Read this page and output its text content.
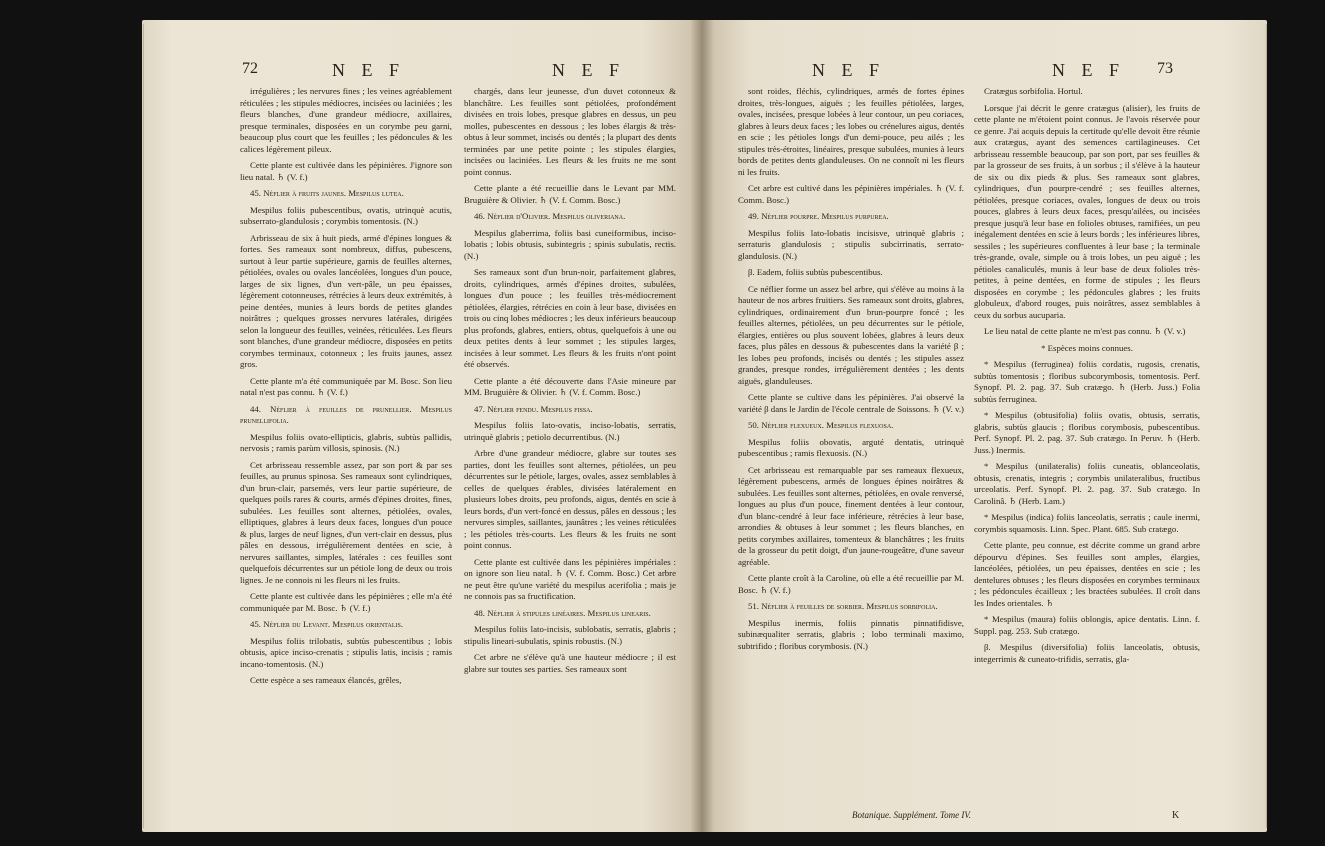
72	N E F	N E F

irrégulières ; les nervures fines ; les veines agréablement réticulées ; les stipules médiocres, incisées ou laciniées ; les fleurs blanches, d'une grandeur médiocre, axillaires, presque terminales, disposées en un corymbe peu garni, beaucoup plus court que les feuilles ; les pédoncules & les calices légèrement pileux.

Cette plante est cultivée dans les pépinières. J'ignore son lieu natal. ♄ (V. f.)

45. Néflier à fruits jaunes. Mespilus lutea.

Mespilus foliis pubescentibus, ovatis, utrinquè acutis, subserrato-glandulosis ; corymbis tomentosis. (N.)

Arbrisseau de six à huit pieds, armé d'épines longues & fortes. Ses rameaux sont nombreux, diffus, pubescens, surtout à leur partie supérieure, garnis de feuilles alternes, pétiolées, ovales ou ovales lancéolées, longues d'un pouce, larges de six lignes, d'un vert-pâle, un peu épaisses, légèrement cotonneuses, rétrécies à leurs deux extrémités, à peine dentées, munies à leurs bords de petites glandes noirâtres ; quelques grosses nervures latérales, dirigées selon la longueur des feuilles, veinées, réticulées. Les fleurs sont blanches, d'une grandeur médiocre, disposées en petits corymbes terminaux, cotonneux ; les fruits jaunes, assez gros.

Cette plante m'a été communiquée par M. Bosc. Son lieu natal n'est pas connu. ♄ (V. f.)

44. Néflier à feuilles de prunellier. Mespilus prunellifolia.

Mespilus foliis ovato-ellipticis, glabris, subtùs pallidis, nervosis ; ramis parùm villosis, spinosis. (N.)

Cet arbrisseau ressemble assez, par son port & par ses feuilles, au prunus spinosa. Ses rameaux sont cylindriques, d'un brun-clair, parsemés, vers leur partie supérieure, de quelques poils rares & courts, armés d'épines droites, fines, subulées. Les feuilles sont alternes, pétiolées, ovales, elliptiques, glabres à leurs deux faces, longues d'un pouce & plus, larges de neuf lignes, d'un vert-clair en dessus, plus pâles en dessous, irrégulièrement dentées en scie, à nervures saillantes, simples, latérales : ces feuilles sont quelquefois décurrentes sur un pétiole long de deux ou trois lignes. Je ne connois ni les fleurs ni les fruits.

Cette plante est cultivée dans les pépinières ; elle m'a été communiquée par M. Bosc. ♄ (V. f.)

45. Néflier du Levant. Mespilus orientalis.

Mespilus foliis trilobatis, subtùs pubescentibus ; lobis obtusis, apice inciso-crenatis ; stipulis latis, incisis ; ramis incano-tomentosis. (N.)

Cette espèce a ses rameaux élancés, grêles,

chargés, dans leur jeunesse, d'un duvet cotonneux & blanchâtre. Les feuilles sont pétiolées, profondément divisées en trois lobes, presque glabres en dessus, un peu molles, pubescentes en dessous ; les lobes élargis & très-obtus à leur sommet, incisés ou dentés ; la plupart des dents terminées par une petite pointe ; les stipules élargies, incisées ou laciniées. Les fleurs & les fruits ne me sont point connus.

Cette plante a été recueillie dans le Levant par MM. Bruguière & Olivier. ♄ (V. f. Comm. Bosc.)

46. Néflier d'Olivier. Mespilus oliveriana.

Mespilus glaberrima, foliis basi cuneiformibus, inciso-lobatis ; lobis obtusis, subintegris ; spinis subulatis, rectis. (N.)

Ses rameaux sont d'un brun-noir, parfaitement glabres, droits, cylindriques, armés d'épines droites, subulées, longues d'un pouce ; les feuilles très-médiocrement pétiolées, élargies, rétrécies en coin à leur base, divisées en trois ou cinq lobes médiocres ; les deux inférieurs beaucoup plus profonds, glabres, entiers, obtus, quelquefois à une ou deux petites dents à leur sommet ; les stipules larges, incisées à leur sommet. Les fleurs & les fruits n'ont point été observés.

Cette plante a été découverte dans l'Asie mineure par MM. Bruguière & Olivier. ♄ (V. f. Comm. Bosc.)

47. Néflier fendu. Mespilus fissa.

Mespilus foliis lato-ovatis, inciso-lobatis, serratis, utrinquè glabris ; petiolo decurrentibus. (N.)

Arbre d'une grandeur médiocre, glabre sur toutes ses parties, dont les feuilles sont alternes, pétiolées, un peu décurrentes sur le pétiole, larges, ovales, assez semblables à celles de quelques érables, divisées latéralement en plusieurs lobes droits, peu profonds, aigus, dentés en scie à leurs bords, d'un vert-foncé en dessus, pâles en dessous ; les nervures simples, saillantes, jaunâtres ; les veines réticulées ; les pétioles très-courts. Les fleurs & les fruits ne sont point connus.

Cette plante est cultivée dans les pépinières impériales : on ignore son lieu natal. ♄ (V. f. Comm. Bosc.) Cet arbre ne peut être qu'une variété du mespilus acerifolia ; mais je ne connois pas sa fructification.

48. Néflier à stipules linéaires. Mespilus linearis.

Mespilus foliis lato-incisis, sublobatis, serratis, glabris ; stipulis lineari-subulatis, spinis robustis. (N.)

Cet arbre ne s'élève qu'à une hauteur médiocre ; il est glabre sur toutes ses parties. Ses rameaux sont

N E F	N E F 73

sont roides, fléchis, cylindriques, armés de fortes épines droites, très-longues, aiguës ; les feuilles pétiolées, larges, ovales, incisées, presque lobées à leur contour, un peu coriaces, glabres à leurs deux faces ; les lobes ou crénelures aigus, dentés en scie ; les pétioles longs d'un demi-pouce, peu ailés ; les stipules très-étroites, linéaires, presque subulées, munies à leurs bords de petites dents glanduleuses. On ne connoît ni les fleurs ni les fruits.

Cet arbre est cultivé dans les pépinières impériales. ♄ (V. f. Comm. Bosc.)

49. Néflier pourpre. Mespilus purpurea.

Mespilus foliis lato-lobatis incisisve, utrinquè glabris ; serraturis glandulosis ; stipulis subcirrinatis, serrato-glandulosis. (N.)

β. Eadem, foliis subtùs pubescentibus.

Ce néflier forme un assez bel arbre, qui s'élève au moins à la hauteur de nos arbres fruitiers. Ses rameaux sont droits, glabres, cylindriques, ordinairement d'un brun-pourpre foncé ; les feuilles alternes, pétiolées, un peu décurrentes sur le pétiole, élargies, entières ou plus souvent lobées, glabres à leurs deux faces, plus pâles en dessous & pubescentes dans la variété β ; les lobes peu profonds, incisés ou dentés ; les stipules assez grandes, presque rondes, irrégulièrement dentées ; les dents aiguës, glanduleuses.

Cette plante se cultive dans les pépinières. J'ai observé la variété β dans le Jardin de l'école centrale de Soissons. ♄ (V. v.)

50. Néflier flexueux. Mespilus flexuosa.

Mespilus foliis obovatis, arguté dentatis, utrinquè pubescentibus ; ramis flexuosis. (N.)

Cet arbrisseau est remarquable par ses rameaux flexueux, légèrement pubescens, armés de longues épines noirâtres & subulées. Les feuilles sont alternes, pétiolées, en ovale renversé, longues au plus d'un pouce, finement dentées à leur contour, d'un blanc-cendré à leur face inférieure, rétrécies à leur base, arrondies & obtuses à leur sommet ; les fleurs blanches, en petits corymbes axillaires, tomenteux & blanchâtres ; les fruits de la grosseur du petit doigt, d'un jaune-rougeâtre, d'une saveur agréable.

Cette plante croît à la Caroline, où elle a été recueillie par M. Bosc. ♄ (V. f.)

51. Néflier à feuilles de sorbier. Mespilus sorbifolia.

Mespilus inermis, foliis pinnatis pinnatifidisve, subinæqualiter serratis, glabris ; lobo terminali maximo, subtrifido ; floribus corymbosis. (N.)

Cratægus sorbifolia. Hortul.

Lorsque j'ai décrit le genre cratægus (alisier), les fruits de cette plante ne m'étoient point connus. Je l'avois réservée pour ce genre. J'ai acquis depuis la certitude qu'elle devoit être réunie aux cratægus, ayant des semences cartilagineuses. Cet arbrisseau ressemble beaucoup, par son port, par ses feuilles & par la grosseur de ses fruits, à un sorbus ; il s'élève à la hauteur de six ou dix pieds & plus. Ses rameaux sont glabres, cylindriques, d'un pourpre-cendré ; ses feuilles alternes, pétiolées, presque coriaces, ovales, longues de deux ou trois pouces, glabres à leurs deux faces, presqu'ailées, ou incisées presque jusqu'à leur base en folioles obtuses, ramifiées, un peu inégalement dentées en scie à leurs bords ; les inférieures libres, sessiles ; les supérieures confluentes à leur base ; la terminale très-grande, ovale, simple ou à trois lobes, un peu aiguë ; les pétioles canaliculés, munis à leur base de deux folioles très-petites, à peine dentées, en forme de stipules ; les fleurs disposées en corymbe ; les pédoncules glabres ; les fruits globuleux, d'abord rouges, puis noirâtres, assez semblables à ceux du sorbus aucuparia.

Le lieu natal de cette plante ne m'est pas connu. ♄ (V. v.)

* Espèces moins connues.

* Mespilus (ferruginea) foliis cordatis, rugosis, crenatis, subtùs tomentosis ; floribus subcorymbosis, tomentosis. Perf. Synopf. Pl. 2. pag. 37. Sub cratægo. ♄ (Herb. Juss.) Folia subtùs ferruginea.

* Mespilus (obtusifolia) foliis ovatis, obtusis, serratis, glabris, subtùs glaucis ; floribus corymbosis, pubescentibus. Perf. Synopf. Pl. 2. pag. 37. Sub cratægo. In Peruv. ♄ (Herb. Juss.) Inermis.

* Mespilus (unilateralis) foliis cuneatis, oblanceolatis, obtusis, crenatis, integris ; corymbis unilateralibus, fructibus urceolatis. Perf. Synopf. Pl. 2. pag. 37. Sub cratægo. In Carolinâ. ♄ (Herb. Lam.)

* Mespilus (indica) foliis lanceolatis, serratis ; caule inermi, corymbis squamosis. Linn. Spec. Plant. 685. Sub cratægo.

Cette plante, peu connue, est décrite comme un grand arbre dépourvu d'épines. Ses feuilles sont amples, élargies, lancéolées, pétiolées, un peu épaisses, dentées en scie ; les dentelures obtuses ; les fleurs disposées en corymbes terminaux ; les pédoncules écailleux ; les bractées subulées. Il croît dans les Indes orientales. ♄

* Mespilus (maura) foliis oblongis, apice dentatis. Linn. f. Suppl. pag. 253. Sub cratægo.

β. Mespilus (diversifolia) foliis lanceolatis, obtusis, integerrimis & cuneato-trifidis, serratis, gla-

Botanique. Supplément. Tome IV.	K
